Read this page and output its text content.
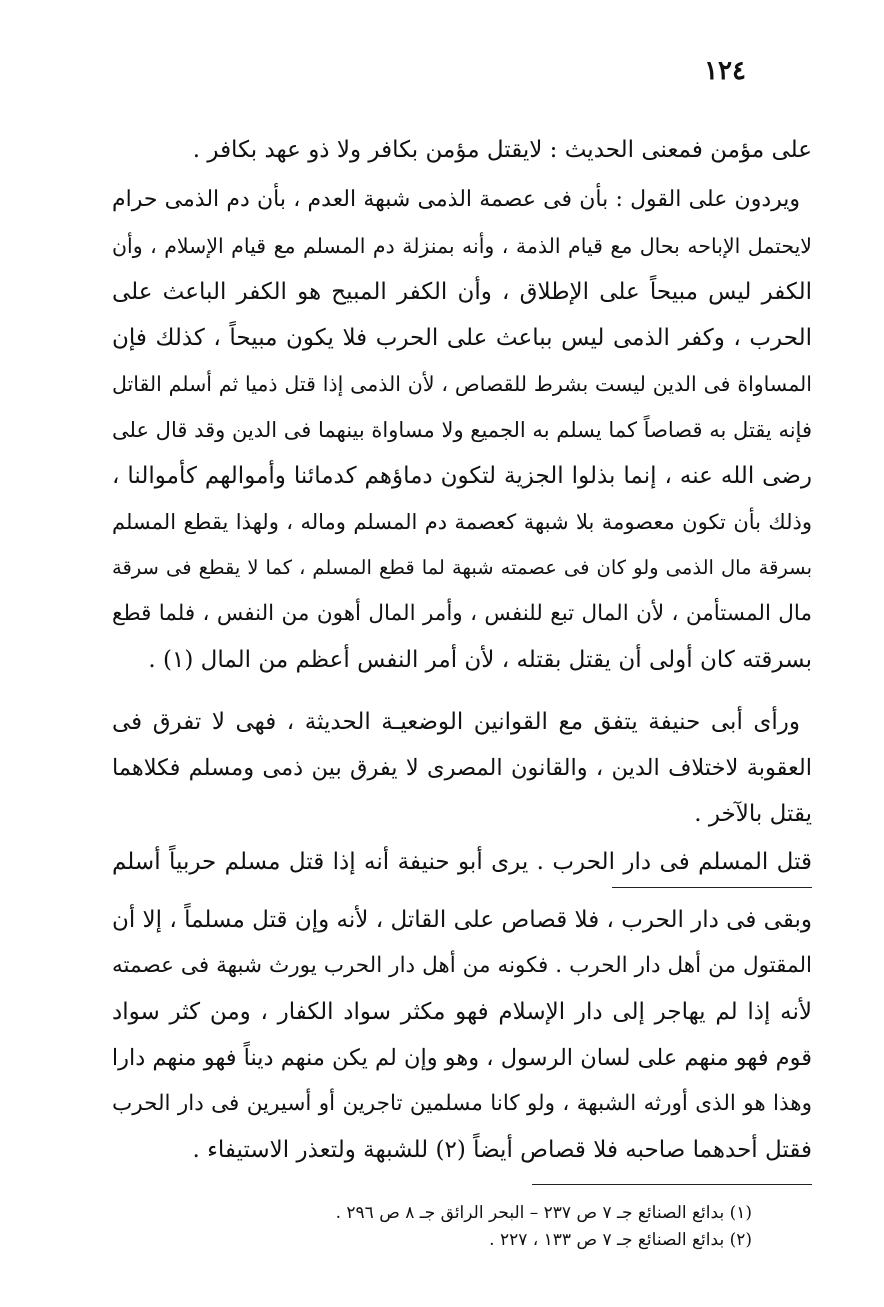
١٢٤
على مؤمن فمعنى الحديث : لايقتل مؤمن بكافر ولا ذو عهد بكافر .
ويردون على القول : بأن فى عصمة الذمى شبهة العدم ، بأن دم الذمى حرام
لايحتمل الإباحه بحال مع قيام الذمة ، وأنه بمنزلة دم المسلم مع قيام الإسلام ، وأن
الكفر ليس مبيحاً على الإطلاق ، وأن الكفر المبيح هو الكفر الباعث على
الحرب ، وكفر الذمى ليس بباعث على الحرب فلا يكون مبيحاً ، كذلك فإن
المساواة فى الدين ليست بشرط للقصاص ، لأن الذمى إذا قتل ذميا ثم أسلم القاتل
فإنه يقتل به قصاصاً كما يسلم به الجميع ولا مساواة بينهما فى الدين وقد قال على
رضى الله عنه ، إنما بذلوا الجزية لتكون دماؤهم كدمائنا وأموالهم كأموالنا ،
وذلك بأن تكون معصومة بلا شبهة كعصمة دم المسلم وماله ، ولهذا يقطع المسلم
بسرقة مال الذمى ولو كان فى عصمته شبهة لما قطع المسلم ، كما لا يقطع فى سرقة
مال المستأمن ، لأن المال تبع للنفس ، وأمر المال أهون من النفس ، فلما قطع
بسرقته كان أولى أن يقتل بقتله ، لأن أمر النفس أعظم من المال (١) .
ورأى أبى حنيفة يتفق مع القوانين الوضعيـة الحديثة ، فهى لا تفرق فى
العقوبة لاختلاف الدين ، والقانون المصرى لا يفرق بين ذمى ومسلم فكلاهما
يقتل بالآخر .
قتل المسلم فى دار الحرب . يرى أبو حنيفة أنه إذا قتل مسلم حربياً أسلم
وبقى فى دار الحرب ، فلا قصاص على القاتل ، لأنه وإن قتل مسلماً ، إلا أن
المقتول من أهل دار الحرب . فكونه من أهل دار الحرب يورث شبهة فى عصمته
لأنه إذا لم يهاجر إلى دار الإسلام فهو مكثر سواد الكفار ، ومن كثر سواد
قوم فهو منهم على لسان الرسول ، وهو وإن لم يكن منهم ديناً فهو منهم دارا
وهذا هو الذى أورثه الشبهة ، ولو كانا مسلمين تاجرين أو أسيرين فى دار الحرب
فقتل أحدهما صاحبه فلا قصاص أيضاً (٢) للشبهة ولتعذر الاستيفاء .
(١) بدائع الصنائع جـ ٧ ص ٢٣٧ – البحر الرائق جـ ٨ ص ٢٩٦ .
(٢) بدائع الصنائع جـ ٧ ص ١٣٣ ، ٢٢٧ .
